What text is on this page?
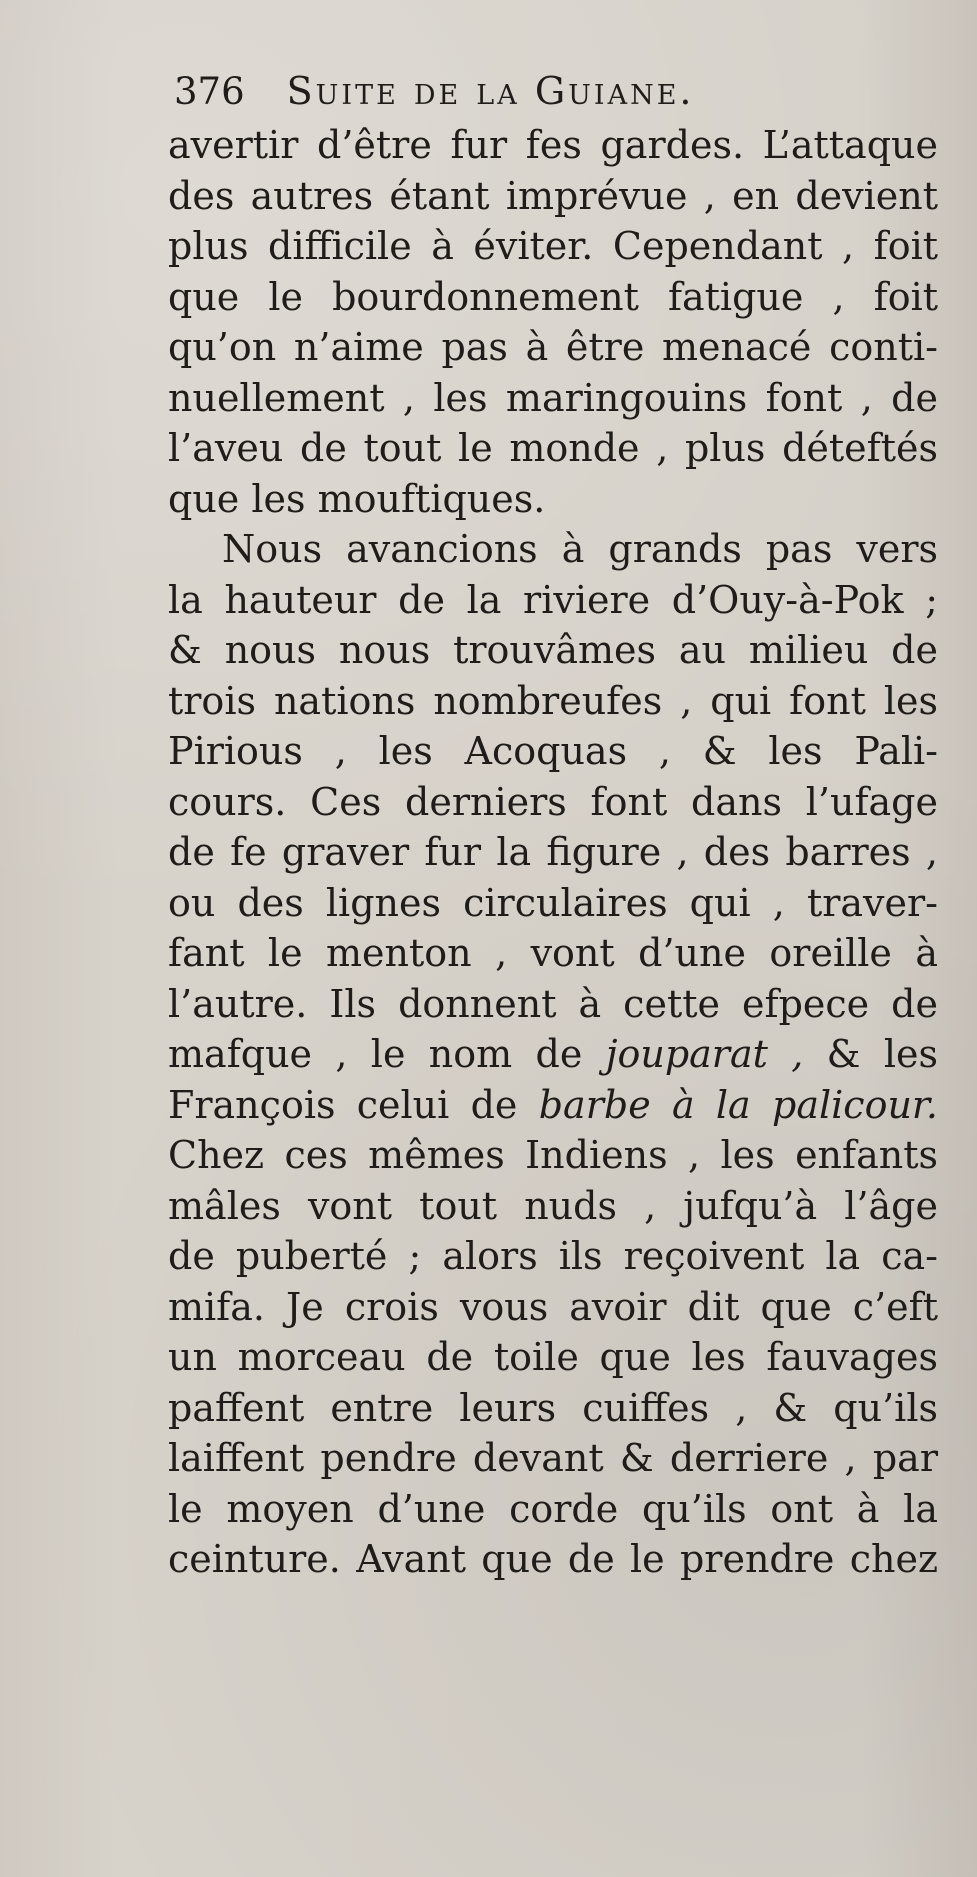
376 Suite de la Guiane.
avertir d’être fur fes gardes. L’attaque
des autres étant imprévue , en devient
plus difficile à éviter. Cependant , foit
que le bourdonnement fatigue , foit
qu’on n’aime pas à être menacé conti-
nuellement , les maringouins font , de
l’aveu de tout le monde , plus déteftés
que les mouftiques.
Nous avancions à grands pas vers
la hauteur de la riviere d’Ouy-à-Pok ;
& nous nous trouvâmes au milieu de
trois nations nombreufes , qui font les
Pirious , les Acoquas , & les Pali-
cours. Ces derniers font dans l’ufage
de fe graver fur la figure , des barres ,
ou des lignes circulaires qui , traver-
fant le menton , vont d’une oreille à
l’autre. Ils donnent à cette efpece de
mafque , le nom de jouparat , & les
François celui de barbe à la palicour.
Chez ces mêmes Indiens , les enfants
mâles vont tout nuds , jufqu’à l’âge
de puberté ; alors ils reçoivent la ca-
mifa. Je crois vous avoir dit que c’eft
un morceau de toile que les fauvages
paffent entre leurs cuiffes , & qu’ils
laiffent pendre devant & derriere , par
le moyen d’une corde qu’ils ont à la
ceinture. Avant que de le prendre chez
